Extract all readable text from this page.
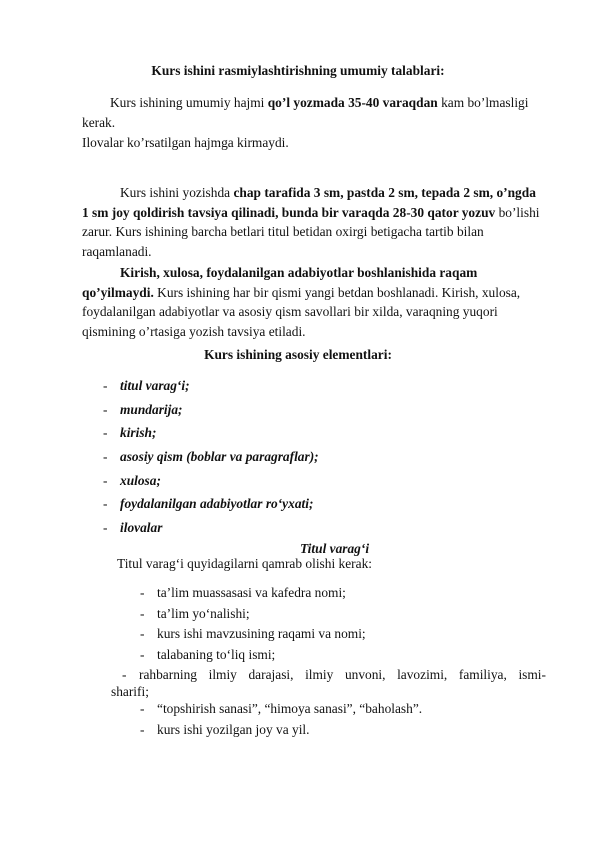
Kurs ishini rasmiylashtirishning umumiy talablari:

Kurs ishining umumiy hajmi qo’l yozmada 35-40 varaqdan kam bo’lmasligi kerak.

Ilovalar ko’rsatilgan hajmga kirmaydi.

Kurs ishini yozishda chap tarafida 3 sm, pastda 2 sm, tepada 2 sm, o’ngda 1 sm joy qoldirish tavsiya qilinadi, bunda bir varaqda 28-30 qator yozuv bo’lishi zarur. Kurs ishining barcha betlari titul betidan oxirgi betigacha tartib bilan raqamlanadi.

Kirish, xulosa, foydalanilgan adabiyotlar boshlanishida raqam qo’yilmaydi. Kurs ishining har bir qismi yangi betdan boshlanadi. Kirish, xulosa, foydalanilgan adabiyotlar va asosiy qism savollari bir xilda, varaqning yuqori qismining o’rtasiga yozish tavsiya etiladi.

Kurs ishining asosiy elementlari:
- titul varag‘i;
- mundarija;
- kirish;
- asosiy qism (boblar va paragraflar);
- xulosa;
- foydalanilgan adabiyotlar ro‘yxati;
- ilovalar
Titul varag‘i
Titul varag‘i quyidagilarni qamrab olishi kerak:
- ta’lim muassasasi va kafedra nomi;
- ta’lim yo‘nalishi;
- kurs ishi mavzusining raqami va nomi;
- talabaning to‘liq ismi;
- rahbarning ilmiy darajasi, ilmiy unvoni, lavozimi, familiya, ismi-
sharifi;
- “topshirish sanasi”, “himoya sanasi”, “baholash”.
- kurs ishi yozilgan joy va yil.
